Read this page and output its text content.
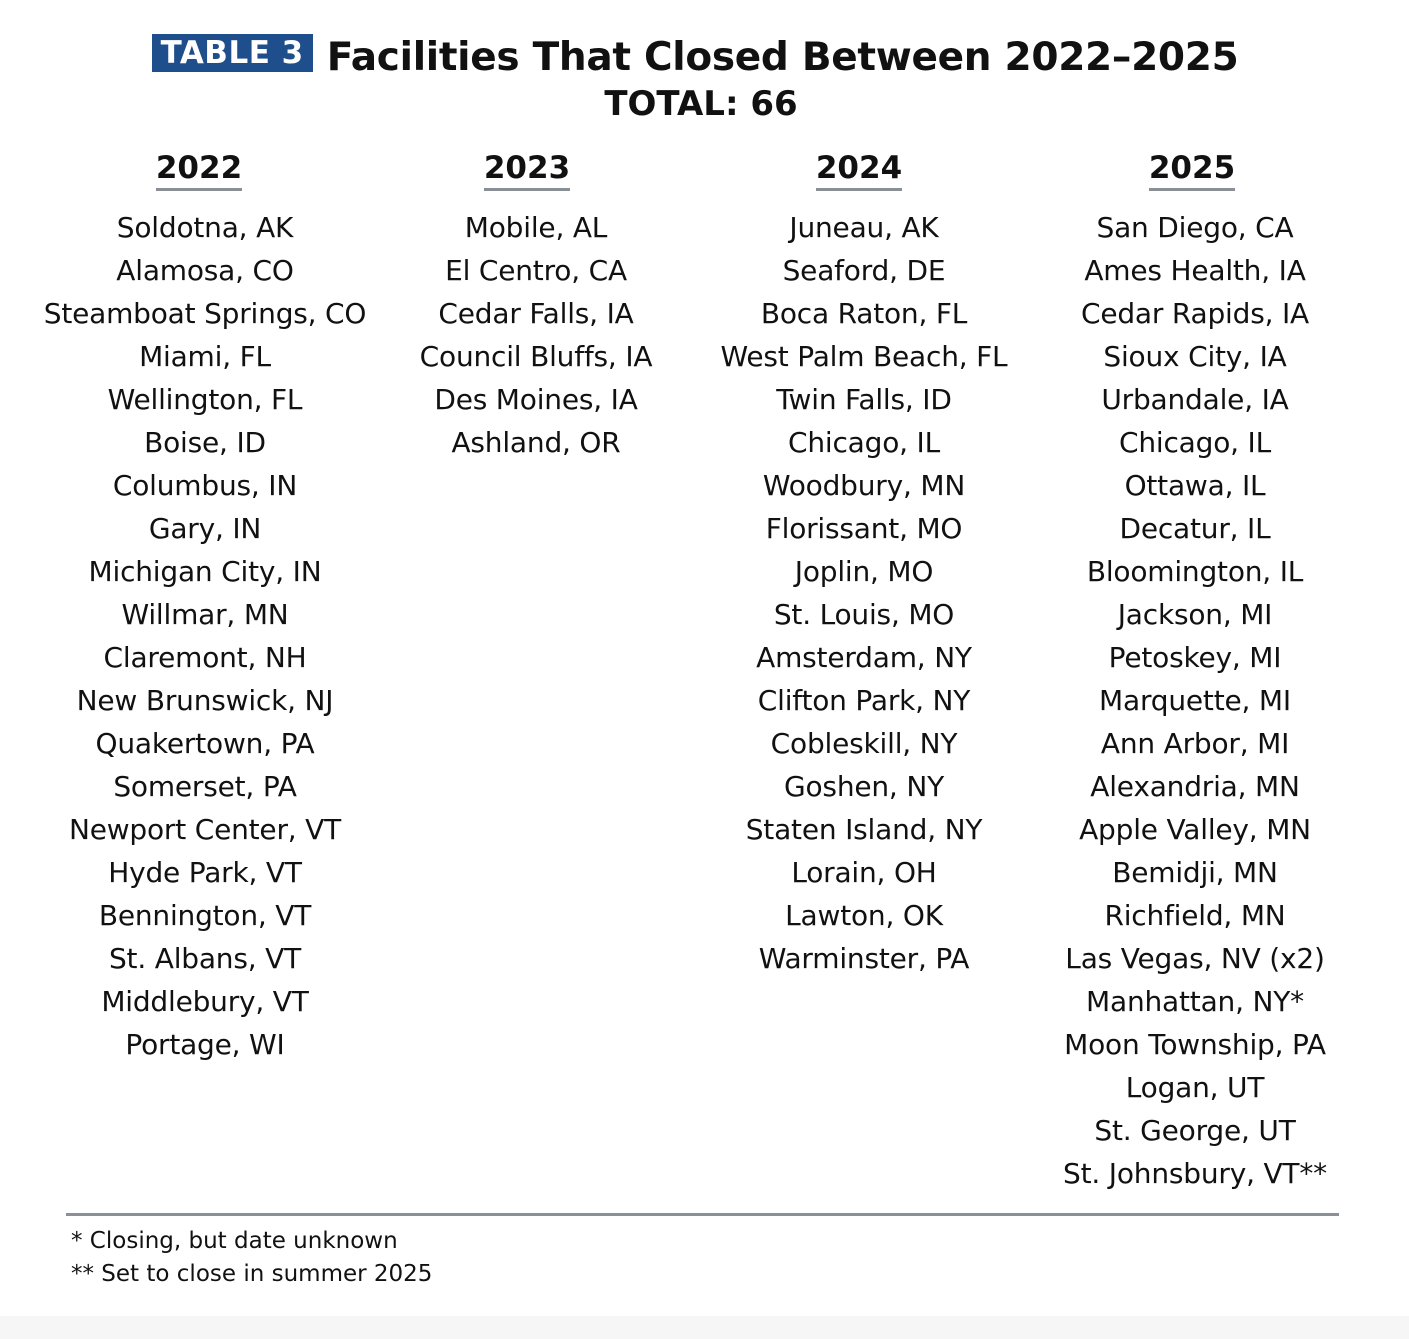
TABLE 3 Facilities That Closed Between 2022–2025
TOTAL: 66
2022
Soldotna, AK
Alamosa, CO
Steamboat Springs, CO
Miami, FL
Wellington, FL
Boise, ID
Columbus, IN
Gary, IN
Michigan City, IN
Willmar, MN
Claremont, NH
New Brunswick, NJ
Quakertown, PA
Somerset, PA
Newport Center, VT
Hyde Park, VT
Bennington, VT
St. Albans, VT
Middlebury, VT
Portage, WI
2023
Mobile, AL
El Centro, CA
Cedar Falls, IA
Council Bluffs, IA
Des Moines, IA
Ashland, OR
2024
Juneau, AK
Seaford, DE
Boca Raton, FL
West Palm Beach, FL
Twin Falls, ID
Chicago, IL
Woodbury, MN
Florissant, MO
Joplin, MO
St. Louis, MO
Amsterdam, NY
Clifton Park, NY
Cobleskill, NY
Goshen, NY
Staten Island, NY
Lorain, OH
Lawton, OK
Warminster, PA
2025
San Diego, CA
Ames Health, IA
Cedar Rapids, IA
Sioux City, IA
Urbandale, IA
Chicago, IL
Ottawa, IL
Decatur, IL
Bloomington, IL
Jackson, MI
Petoskey, MI
Marquette, MI
Ann Arbor, MI
Alexandria, MN
Apple Valley, MN
Bemidji, MN
Richfield, MN
Las Vegas, NV (x2)
Manhattan, NY*
Moon Township, PA
Logan, UT
St. George, UT
St. Johnsbury, VT**
* Closing, but date unknown
** Set to close in summer 2025
